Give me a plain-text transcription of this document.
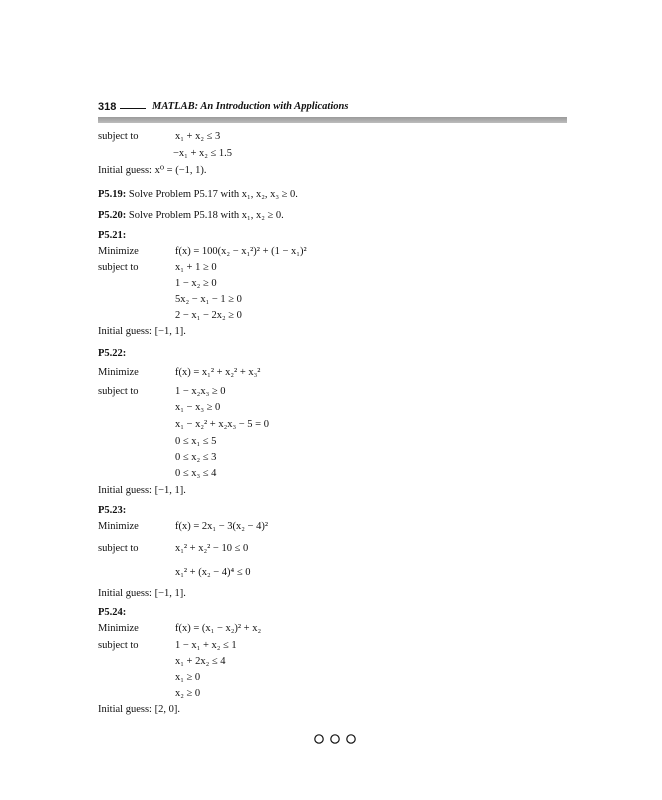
318	MATLAB: An Introduction with Applications
subject to	x₁ + x₂ ≤ 3
−x₁ + x₂ ≤ 1.5
Initial guess: x⁰ = (−1, 1).
P5.19: Solve Problem P5.17 with x₁, x₂, x₃ ≥ 0.
P5.20: Solve Problem P5.18 with x₁, x₂ ≥ 0.
P5.21:
Minimize	f(x) = 100(x₂ − x₁²)² + (1 − x₁)²
subject to	x₁ + 1 ≥ 0
1 − x₂ ≥ 0
5x₂ − x₁ − 1 ≥ 0
2 − x₁ − 2x₂ ≥ 0
Initial guess: [−1, 1].
P5.22:
Minimize	f(x) = x₁² + x₂² + x₃²
subject to	1 − x₂x₃ ≥ 0
x₁ − x₃ ≥ 0
x₁ − x₂² + x₂x₃ − 5 = 0
0 ≤ x₁ ≤ 5
0 ≤ x₂ ≤ 3
0 ≤ x₃ ≤ 4
Initial guess: [−1, 1].
P5.23:
Minimize	f(x) = 2x₁ − 3(x₂ − 4)²
subject to	x₁² + x₂² − 10 ≤ 0
x₁² + (x₂ − 4)⁴ ≤ 0
Initial guess: [−1, 1].
P5.24:
Minimize	f(x) = (x₁ − x₂)² + x₂
subject to	1 − x₁ + x₂ ≤ 1
x₁ + 2x₂ ≤ 4
x₁ ≥ 0
x₂ ≥ 0
Initial guess: [2, 0].
